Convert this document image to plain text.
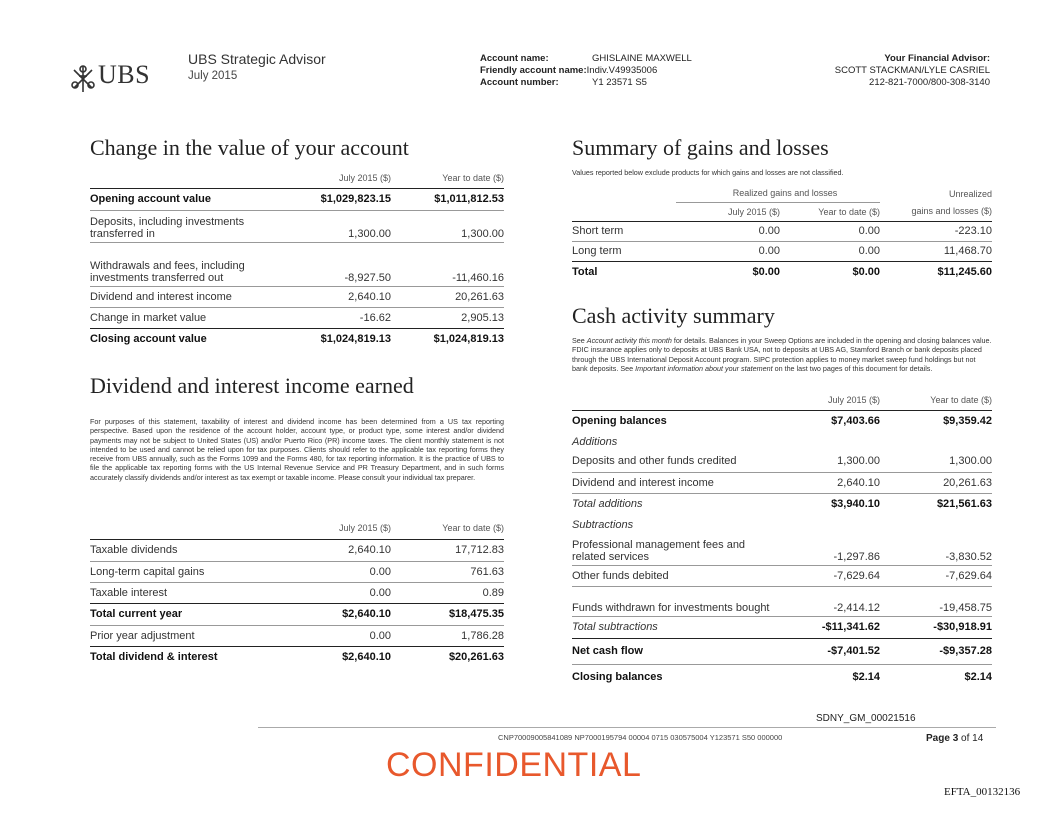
UBS
UBS Strategic Advisor
July 2015
Account name:	GHISLAINE MAXWELL
Friendly account name:Indiv.V49935006
Account number:	Y1 23571 S5
Your Financial Advisor:
SCOTT STACKMAN/LYLE CASRIEL
212-821-7000/800-308-3140
Change in the value of your account
	July 2015 ($)	Year to date ($)
Opening account value	$1,029,823.15	$1,011,812.53
Deposits, including investments transferred in	1,300.00	1,300.00
Withdrawals and fees, including investments transferred out	-8,927.50	-11,460.16
Dividend and interest income	2,640.10	20,261.63
Change in market value	-16.62	2,905.13
Closing account value	$1,024,819.13	$1,024,819.13
Dividend and interest income earned
For purposes of this statement, taxability of interest and dividend income has been determined from a US tax reporting perspective. Based upon the residence of the account holder, account type, or product type, some interest and/or dividend payments may not be subject to United States (US) and/or Puerto Rico (PR) income taxes. The client monthly statement is not intended to be used and cannot be relied upon for tax purposes. Clients should refer to the applicable tax reporting forms they receive from UBS annually, such as the Forms 1099 and the Forms 480, for tax reporting information. It is the practice of UBS to file the applicable tax reporting forms with the US Internal Revenue Service and PR Treasury Department, and in such forms accurately classify dividends and/or interest as tax exempt or taxable income. Please consult your individual tax preparer.
	July 2015 ($)	Year to date ($)
Taxable dividends	2,640.10	17,712.83
Long-term capital gains	0.00	761.63
Taxable interest	0.00	0.89
Total current year	$2,640.10	$18,475.35
Prior year adjustment	0.00	1,786.28
Total dividend & interest	$2,640.10	$20,261.63
Summary of gains and losses
Values reported below exclude products for which gains and losses are not classified.
	Realized gains and losses		Unrealized
	July 2015 ($)	Year to date ($)	gains and losses ($)
Short term	0.00	0.00	-223.10
Long term	0.00	0.00	11,468.70
Total	$0.00	$0.00	$11,245.60
Cash activity summary
See Account activity this month for details. Balances in your Sweep Options are included in the opening and closing balances value. FDIC insurance applies only to deposits at UBS Bank USA, not to deposits at UBS AG, Stamford Branch or bank deposits placed through the UBS International Deposit Account program. SIPC protection applies to money market sweep fund holdings but not bank deposits. See Important information about your statement on the last two pages of this document for details.
	July 2015 ($)	Year to date ($)
Opening balances	$7,403.66	$9,359.42
Additions		
Deposits and other funds credited	1,300.00	1,300.00
Dividend and interest income	2,640.10	20,261.63
Total additions	$3,940.10	$21,561.63
Subtractions		
Professional management fees and related services	-1,297.86	-3,830.52
Other funds debited	-7,629.64	-7,629.64
Funds withdrawn for investments bought	-2,414.12	-19,458.75
Total subtractions	-$11,341.62	-$30,918.91
Net cash flow	-$7,401.52	-$9,357.28
Closing balances	$2.14	$2.14
SDNY_GM_00021516
CNP70009005841089 NP7000195794 00004 0715 030575004 Y123571 S50 000000	Page 3 of 14
CONFIDENTIAL
EFTA_00132136
